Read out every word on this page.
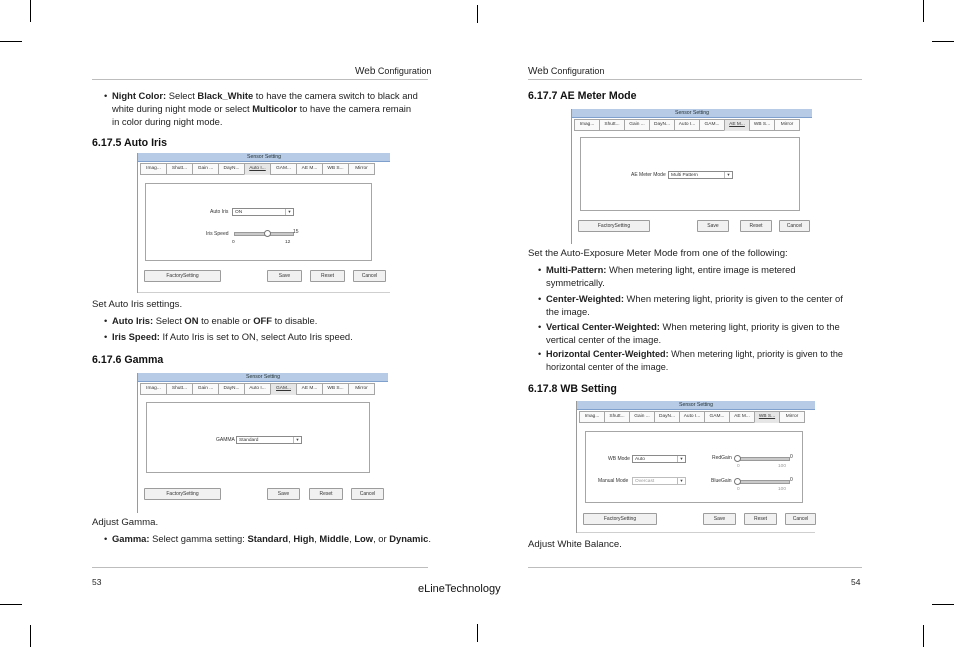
Web Configuration	Web Configuration
• Night Color: Select Black_White to have the camera switch to black and
white during night mode or select Multicolor to have the camera remain
in color during night mode.
6.17.5 Auto Iris
Sensor Setting
Imag...	Shutt...	Gain ...	DayN...	Auto I...	GAM...	AE M...	WB S...	Mirror
Auto Iris	ON	▼
Iris Speed	15
0	12
FactorySetting	Save	Reset	Cancel
Set Auto Iris settings.
• Auto Iris: Select ON to enable or OFF to disable.
• Iris Speed: If Auto Iris is set to ON, select Auto Iris speed.
6.17.6 Gamma
Sensor Setting
Imag...	Shutt...	Gain ...	DayN...	Auto I...	GAM...	AE M...	WB S...	Mirror
GAMMA Standard	▼
FactorySetting	Save	Reset	Cancel
Adjust Gamma.
• Gamma: Select gamma setting: Standard, High, Middle, Low, or Dynamic.
53
6.17.7 AE Meter Mode
Sensor Setting
Imag...	Shutt...	Gain ...	DayN...	Auto I...	GAM...	AE M...	WB S...	Mirror
AE Meter Mode	Multi Pattern	▼
FactorySetting	Save	Reset	Cancel
Set the Auto-Exposure Meter Mode from one of the following:
• Multi-Pattern: When metering light, entire image is metered
symmetrically.
• Center-Weighted: When metering light, priority is given to the center of
the image.
• Vertical Center-Weighted: When metering light, priority is given to the
vertical center of the image.
• Horizontal Center-Weighted: When metering light, priority is given to the
horizontal center of the image.
6.17.8 WB Setting
Sensor Setting
Imag...	Shutt...	Gain ...	DayN...	Auto I...	GAM...	AE M...	WB S...	Mirror
WB Mode	Auto	▼
Manual Mode	Overcast	▼
RedGain	0
0	100
BlueGain	0
0	100
FactorySetting	Save	Reset	Cancel
Adjust White Balance.
54
eLineTechnology
